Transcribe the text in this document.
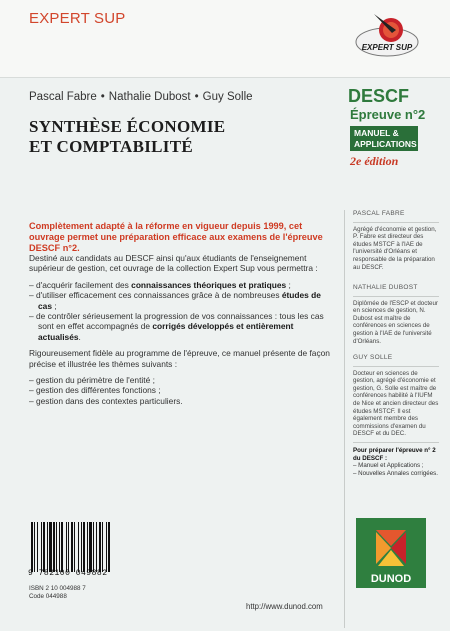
EXPERT SUP
EXPERT SUP
Pascal Fabre • Nathalie Dubost • Guy Solle
SYNTHÈSE ÉCONOMIE
ET COMPTABILITÉ
DESCF
Épreuve n°2
MANUEL &
APPLICATIONS
2e édition
Complètement adapté à la réforme en vigueur depuis 1999, cet ouvrage permet une préparation efficace aux examens de l'épreuve DESCF n°2.

Destiné aux candidats au DESCF ainsi qu'aux étudiants de l'enseignement supérieur de gestion, cet ouvrage de la collection Expert Sup vous permettra :

– d'acquérir facilement des connaissances théoriques et pratiques ;
– d'utiliser efficacement ces connaissances grâce à de nombreuses études de cas ;
– de contrôler sérieusement la progression de vos connaissances : tous les cas sont en effet accompagnés de corrigés développés et entièrement actualisés.

Rigoureusement fidèle au programme de l'épreuve, ce manuel présente de façon précise et illustrée les thèmes suivants :

– gestion du périmètre de l'entité ;
– gestion des différentes fonctions ;
– gestion dans des contextes particuliers.
PASCAL FABRE
Agrégé d'économie et gestion, P. Fabre est directeur des études MSTCF à l'IAE de l'université d'Orléans et responsable de la préparation au DESCF.
NATHALIE DUBOST
Diplômée de l'ESCP et docteur en sciences de gestion, N. Dubost est maître de conférences en sciences de gestion à l'IAE de l'université d'Orléans.
GUY SOLLE
Docteur en sciences de gestion, agrégé d'économie et gestion, G. Solle est maître de conférences habilité à l'IUFM de Nice et ancien directeur des études MSTCF. Il est également membre des commissions d'examen du DESCF et du DEC.
Pour préparer l'épreuve n° 2 du DESCF :
– Manuel et Applications ;
– Nouvelles Annales corrigées.
9 782100 049882
ISBN 2 10 004988 7
Code 044988
http://www.dunod.com
DUNOD
